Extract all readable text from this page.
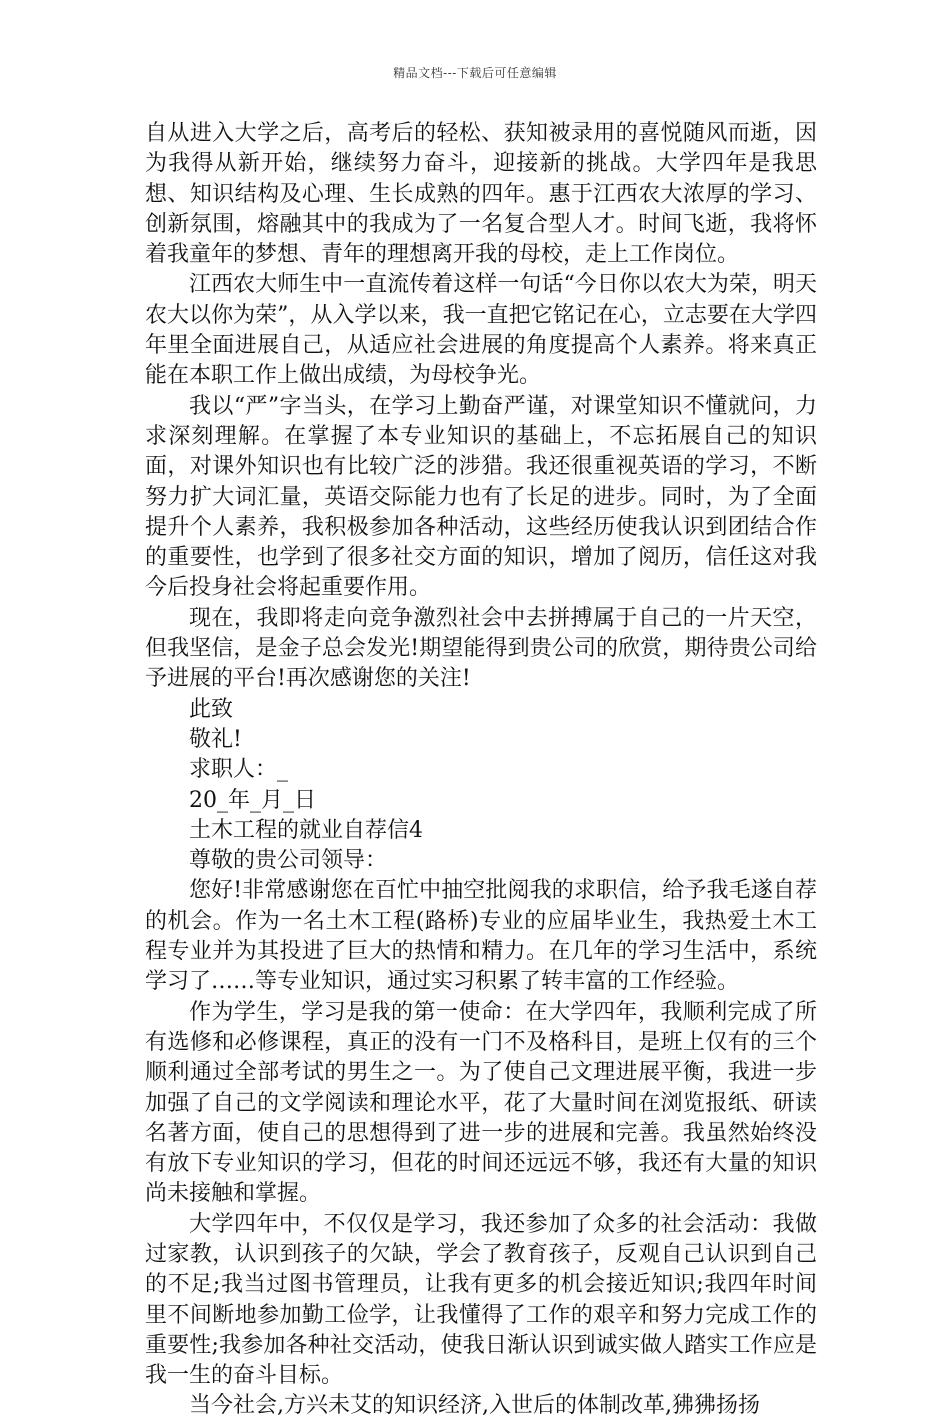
精品文档---下载后可任意编辑

自从进入大学之后，高考后的轻松、获知被录用的喜悦随风而逝，因为我得从新开始，继续努力奋斗，迎接新的挑战。大学四年是我思想、知识结构及心理、生长成熟的四年。惠于江西农大浓厚的学习、创新氛围，熔融其中的我成为了一名复合型人才。时间飞逝，我将怀着我童年的梦想、青年的理想离开我的母校，走上工作岗位。

江西农大师生中一直流传着这样一句话“今日你以农大为荣，明天农大以你为荣”，从入学以来，我一直把它铭记在心，立志要在大学四年里全面进展自己，从适应社会进展的角度提高个人素养。将来真正能在本职工作上做出成绩，为母校争光。

我以“严”字当头，在学习上勤奋严谨，对课堂知识不懂就问，力求深刻理解。在掌握了本专业知识的基础上，不忘拓展自己的知识面，对课外知识也有比较广泛的涉猎。我还很重视英语的学习，不断努力扩大词汇量，英语交际能力也有了长足的进步。同时，为了全面提升个人素养，我积极参加各种活动，这些经历使我认识到团结合作的重要性，也学到了很多社交方面的知识，增加了阅历，信任这对我今后投身社会将起重要作用。

现在，我即将走向竞争激烈社会中去拼搏属于自己的一片天空，但我坚信，是金子总会发光!期望能得到贵公司的欣赏，期待贵公司给予进展的平台!再次感谢您的关注!

此致

敬礼!

求职人：_

20_年_月_日

土木工程的就业自荐信4

尊敬的贵公司领导：

您好!非常感谢您在百忙中抽空批阅我的求职信，给予我毛遂自荐的机会。作为一名土木工程(路桥)专业的应届毕业生，我热爱土木工程专业并为其投进了巨大的热情和精力。在几年的学习生活中，系统学习了……等专业知识，通过实习积累了转丰富的工作经验。

作为学生，学习是我的第一使命：在大学四年，我顺利完成了所有选修和必修课程，真正的没有一门不及格科目，是班上仅有的三个顺利通过全部考试的男生之一。为了使自己文理进展平衡，我进一步加强了自己的文学阅读和理论水平，花了大量时间在浏览报纸、研读名著方面，使自己的思想得到了进一步的进展和完善。我虽然始终没有放下专业知识的学习，但花的时间还远远不够，我还有大量的知识尚未接触和掌握。

大学四年中，不仅仅是学习，我还参加了众多的社会活动：我做过家教，认识到孩子的欠缺，学会了教育孩子，反观自己认识到自己的不足;我当过图书管理员，让我有更多的机会接近知识;我四年时间里不间断地参加勤工俭学，让我懂得了工作的艰辛和努力完成工作的重要性;我参加各种社交活动，使我日渐认识到诚实做人踏实工作应是我一生的奋斗目标。

当今社会,方兴未艾的知识经济,入世后的体制改革,狒狒扬扬
